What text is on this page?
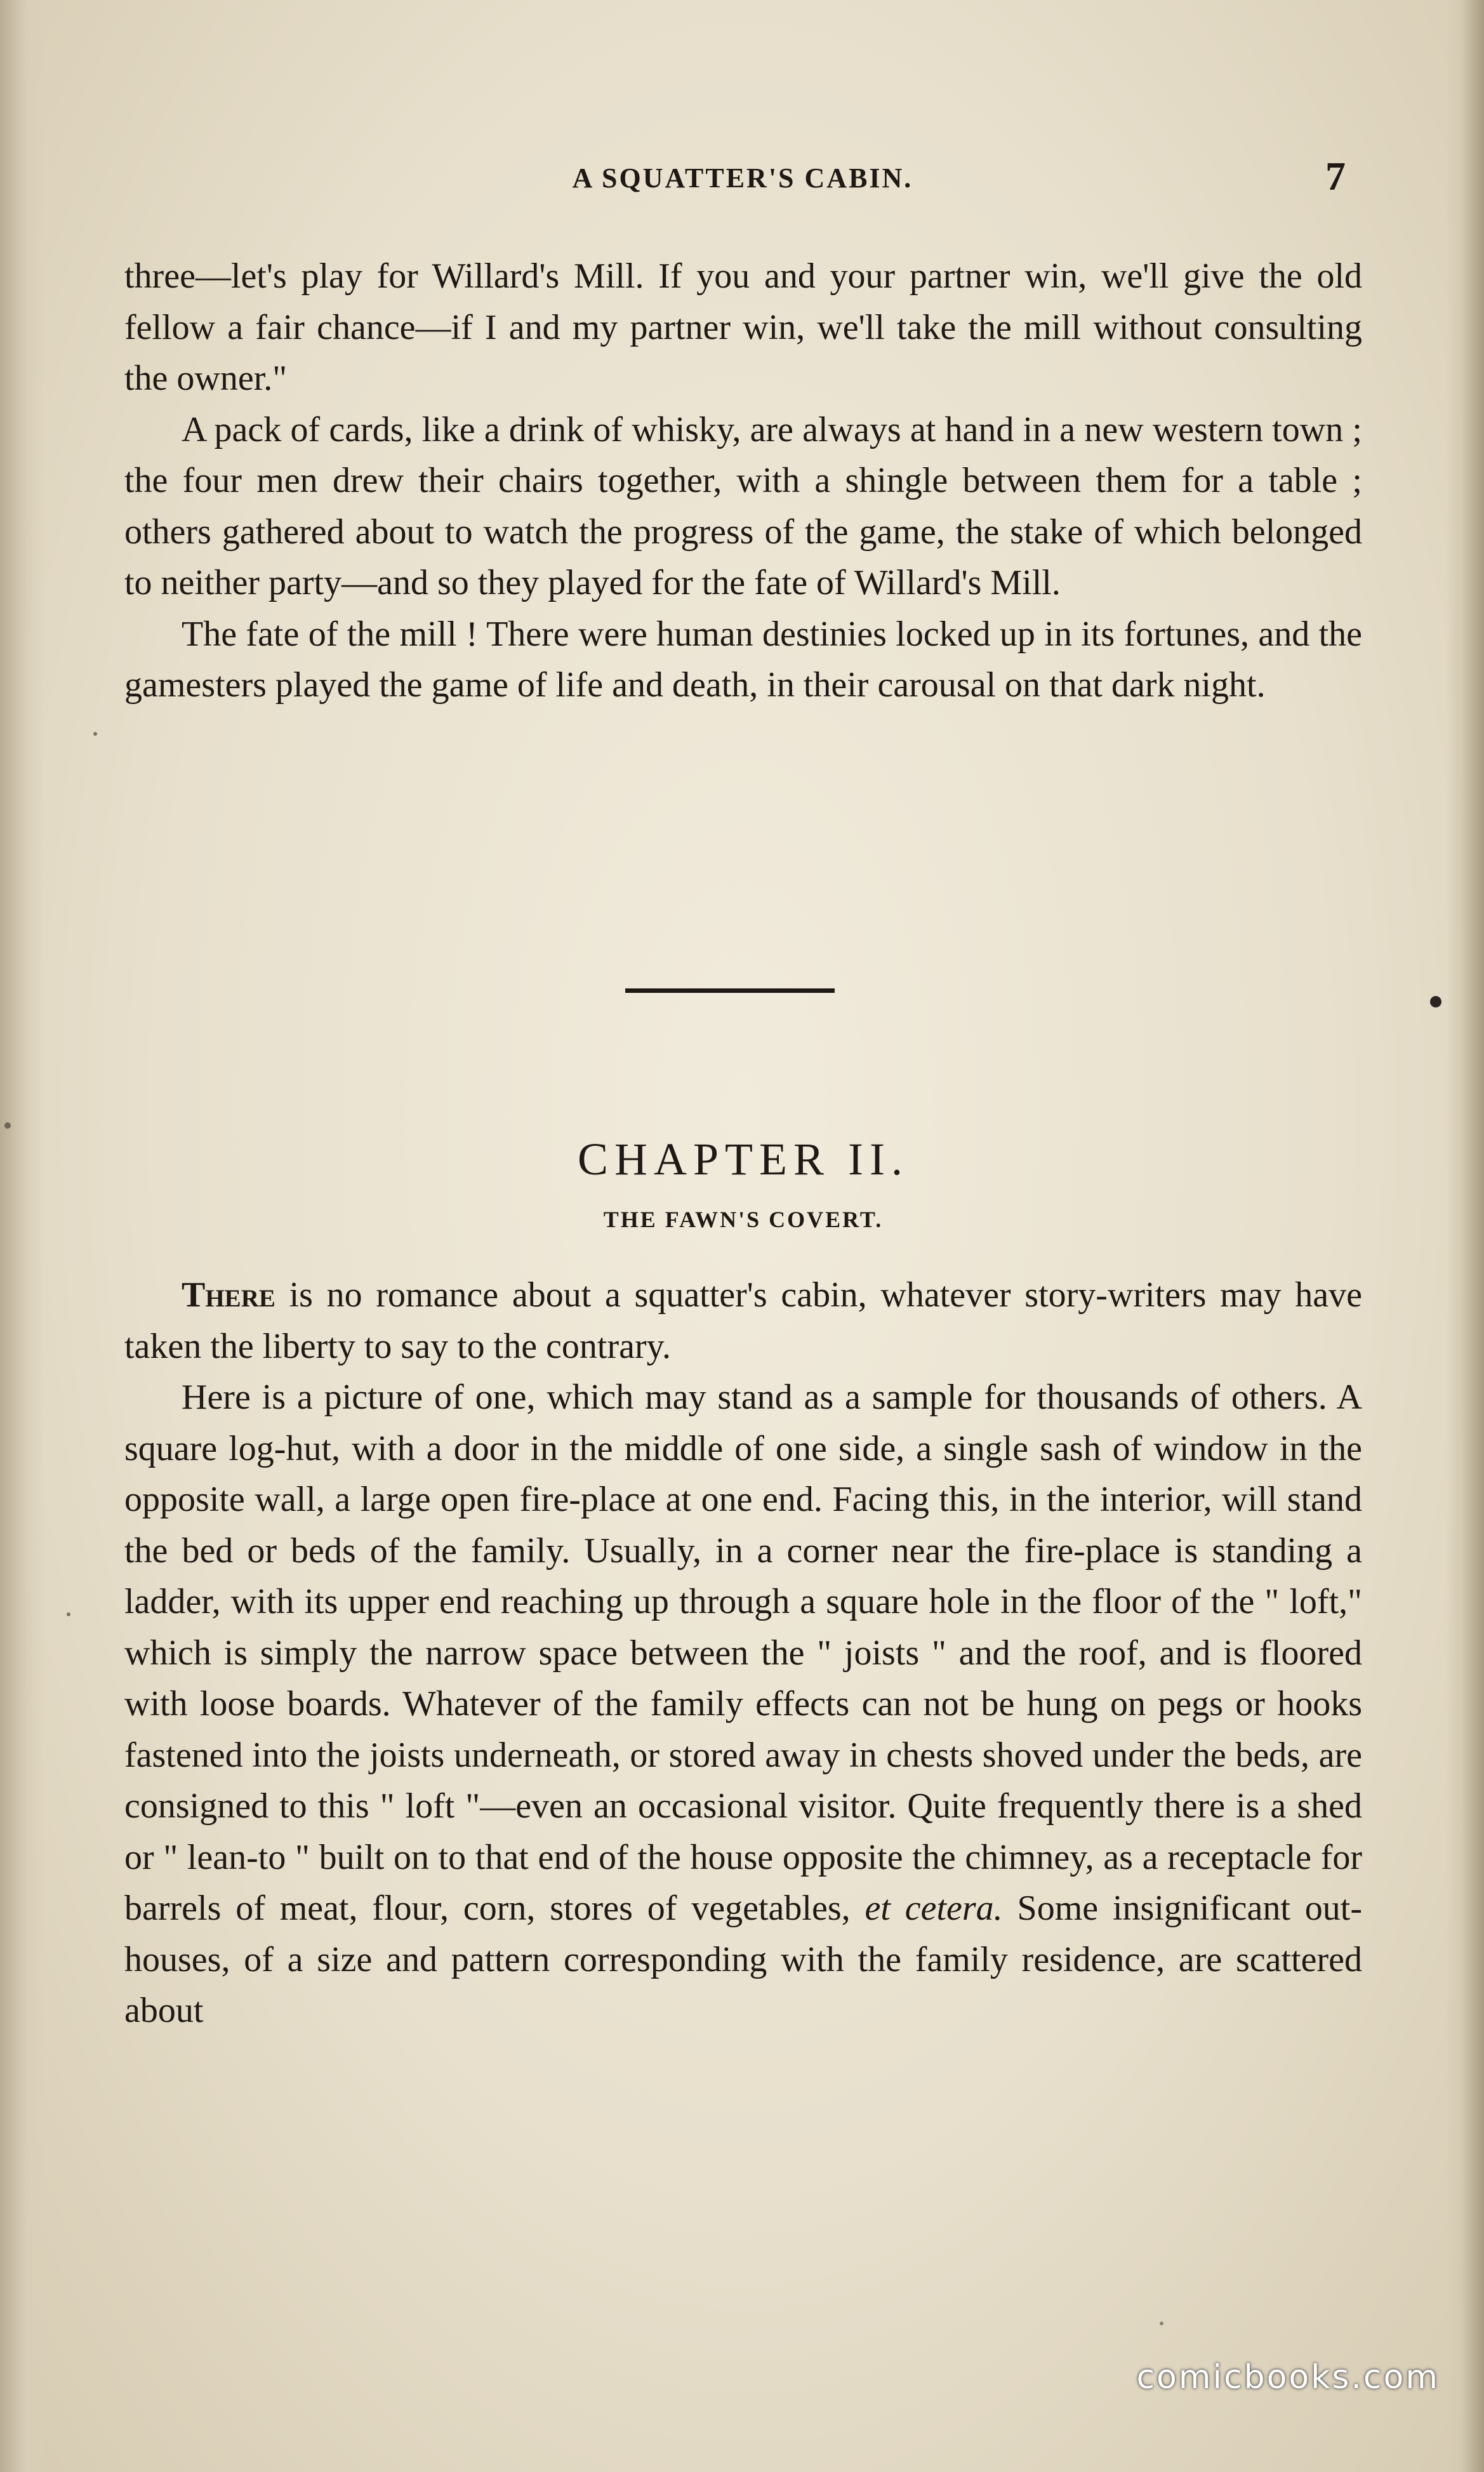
A SQUATTER'S CABIN.	7

three—let's play for Willard's Mill. If you and your partner win, we'll give the old fellow a fair chance—if I and my partner win, we'll take the mill without consulting the owner."

A pack of cards, like a drink of whisky, are always at hand in a new western town ; the four men drew their chairs together, with a shingle between them for a table ; others gathered about to watch the progress of the game, the stake of which belonged to neither party—and so they played for the fate of Willard's Mill.

The fate of the mill ! There were human destinies locked up in its fortunes, and the gamesters played the game of life and death, in their carousal on that dark night.

CHAPTER II.
THE FAWN'S COVERT.

There is no romance about a squatter's cabin, whatever story-writers may have taken the liberty to say to the contrary.

Here is a picture of one, which may stand as a sample for thousands of others. A square log-hut, with a door in the middle of one side, a single sash of window in the opposite wall, a large open fire-place at one end. Facing this, in the interior, will stand the bed or beds of the family. Usually, in a corner near the fire-place is standing a ladder, with its upper end reaching up through a square hole in the floor of the " loft," which is simply the narrow space between the " joists " and the roof, and is floored with loose boards. Whatever of the family effects can not be hung on pegs or hooks fastened into the joists underneath, or stored away in chests shoved under the beds, are consigned to this " loft "—even an occasional visitor. Quite frequently there is a shed or " lean-to " built on to that end of the house opposite the chimney, as a receptacle for barrels of meat, flour, corn, stores of vegetables, et cetera. Some insignificant out-houses, of a size and pattern corresponding with the family residence, are scattered about

comicbooks.com
